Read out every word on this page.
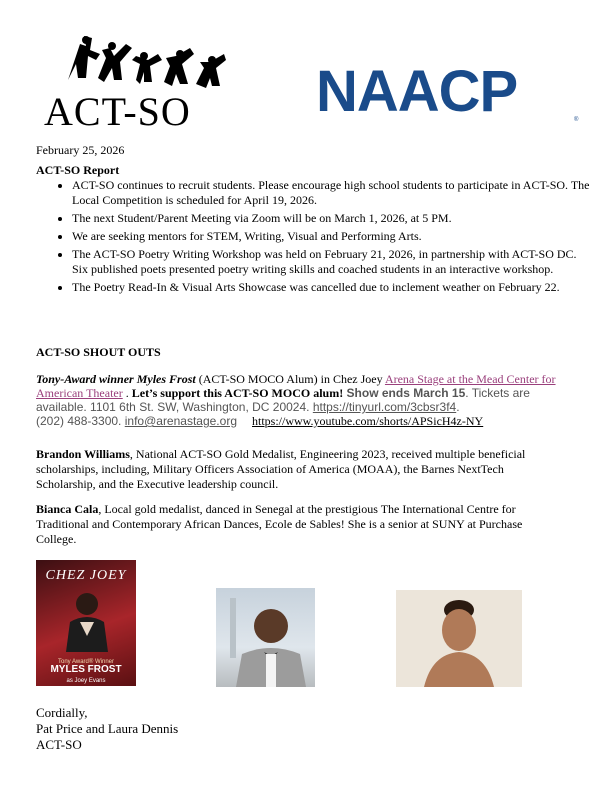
ACT-SO NAACP	®
February 25, 2026
ACT-SO Report
• ACT-SO continues to recruit students. Please encourage high school students to participate in ACT-SO. The Local Competition is scheduled for April 19, 2026.
• The next Student/Parent Meeting via Zoom will be on March 1, 2026, at 5 PM.
• We are seeking mentors for STEM, Writing, Visual and Performing Arts.
• The ACT-SO Poetry Writing Workshop was held on February 21, 2026, in partnership with ACT-SO DC. Six published poets presented poetry writing skills and coached students in an interactive workshop.
• The Poetry Read-In & Visual Arts Showcase was cancelled due to inclement weather on February 22.
ACT-SO SHOUT OUTS
Tony-Award winner Myles Frost (ACT-SO MOCO Alum) in Chez Joey Arena Stage at the Mead Center for American Theater . Let’s support this ACT-SO MOCO alum! Show ends March 15. Tickets are available. 1101 6th St. SW, Washington, DC 20024. https://tinyurl.com/3cbsr3f4.
(202) 488-3300. info@arenastage.org https://www.youtube.com/shorts/APSicH4z-NY
Brandon Williams, National ACT-SO Gold Medalist, Engineering 2023, received multiple beneficial scholarships, including, Military Officers Association of America (MOAA), the Barnes NextTech Scholarship, and the Executive leadership council.
Bianca Cala, Local gold medalist, danced in Senegal at the prestigious The International Centre for Traditional and Contemporary African Dances, Ecole de Sables! She is a senior at SUNY at Purchase College.
CHEZ JOEY
Tony Award® Winner
MYLES FROST
as Joey Evans
Cordially,
Pat Price and Laura Dennis
ACT-SO
